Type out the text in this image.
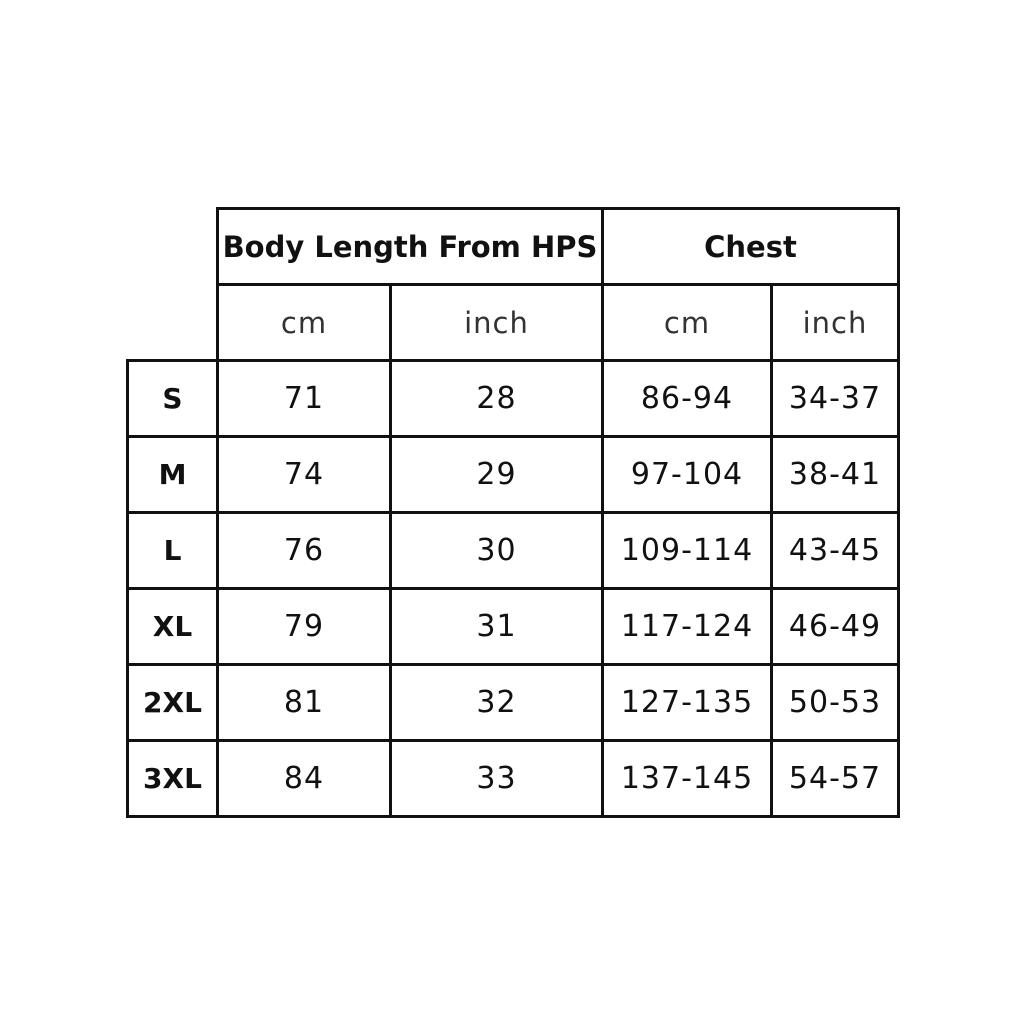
	Body Length From HPS		Chest	
	cm	inch	cm	inch
S	71	28	86-94	34-37
M	74	29	97-104	38-41
L	76	30	109-114	43-45
XL	79	31	117-124	46-49
2XL	81	32	127-135	50-53
3XL	84	33	137-145	54-57
